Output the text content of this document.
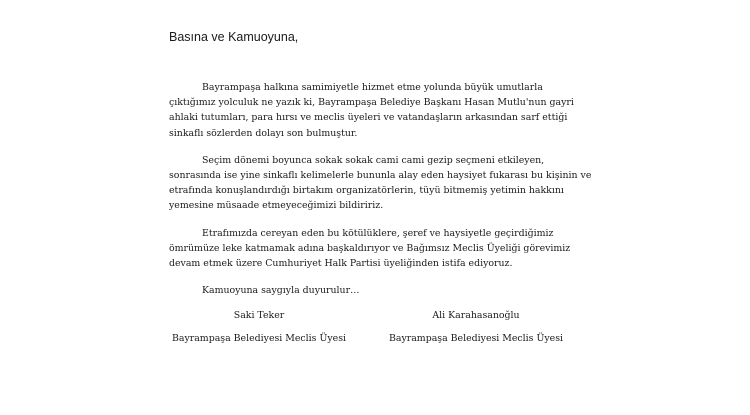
Basına ve Kamuoyuna,
Bayrampaşa halkına samimiyetle hizmet etme yolunda büyük umutlarla
çıktığımız yolculuk ne yazık ki, Bayrampaşa Belediye Başkanı Hasan Mutlu'nun gayri
ahlaki tutumları, para hırsı ve meclis üyeleri ve vatandaşların arkasından sarf ettiği
sinkaflı sözlerden dolayı son bulmuştur.
Seçim dönemi boyunca sokak sokak cami cami gezip seçmeni etkileyen,
sonrasında ise yine sinkaflı kelimelerle bununla alay eden haysiyet fukarası bu kişinin ve
etrafında konuşlandırdığı birtakım organizatörlerin, tüyü bitmemiş yetimin hakkını
yemesine müsaade etmeyeceğimizi bildiririz.
Etrafımızda cereyan eden bu kötülüklere, şeref ve haysiyetle geçirdiğimiz
ömrümüze leke katmamak adına başkaldırıyor ve Bağımsız Meclis Üyeliği görevimiz
devam etmek üzere Cumhuriyet Halk Partisi üyeliğinden istifa ediyoruz.

Kamuoyuna saygıyla duyurulur…

Saki Teker
Bayrampaşa Belediyesi Meclis Üyesi
Ali Karahasanoğlu
Bayrampaşa Belediyesi Meclis Üyesi
